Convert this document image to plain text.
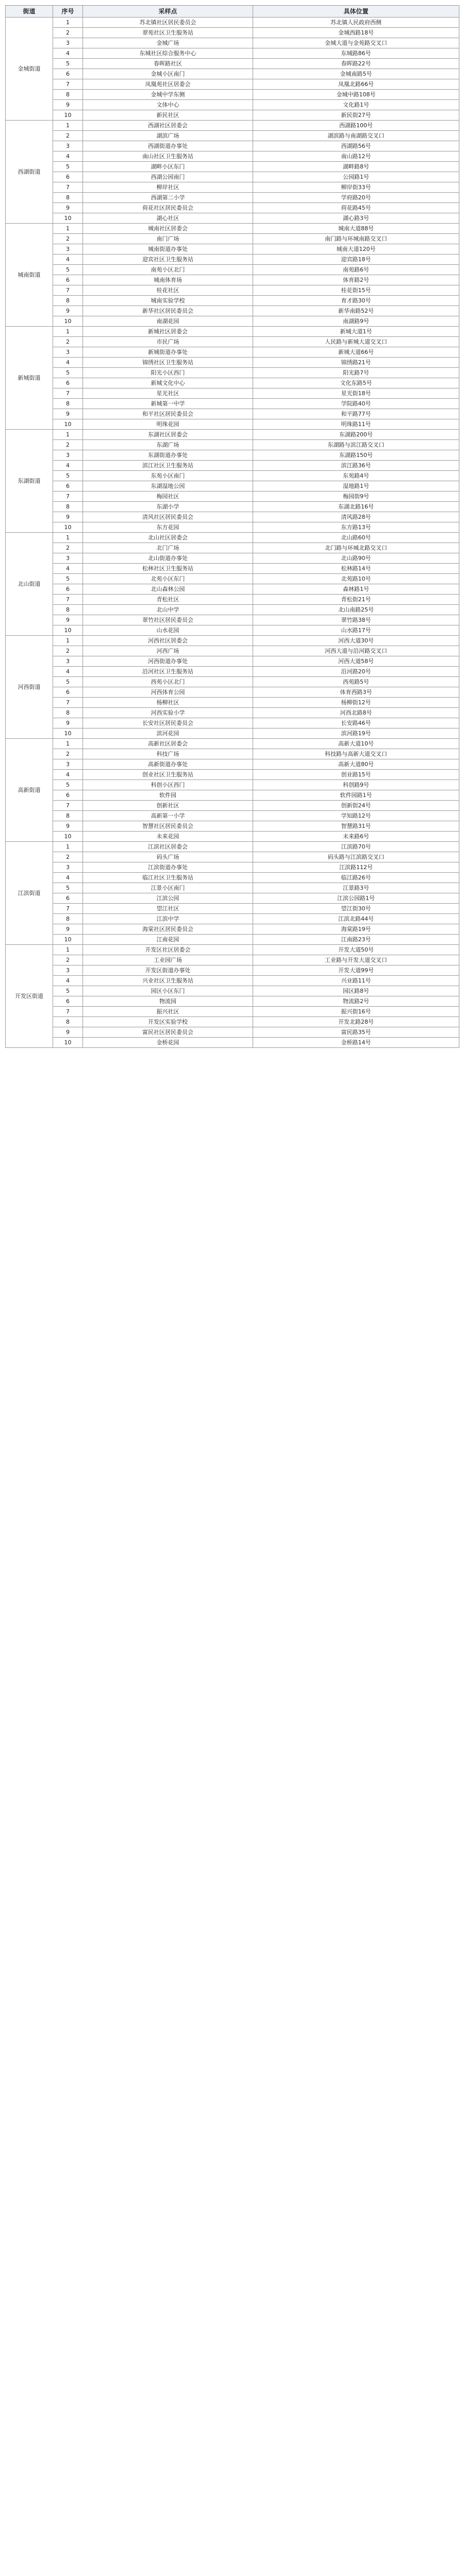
街道	序号	采样点	具体位置
金城街道	1	苏北镇社区居民委员会	苏北镇人民政府西侧
	2	翠苑社区卫生服务站	金城西路18号
	3	金城广场	金城大道与金苑路交叉口
	4	东城社区综合服务中心	东城路86号
	5	春晖路社区	春晖路22号
	6	金城小区南门	金城南路5号
	7	凤凰苑社区居委会	凤凰北路66号
	8	金城中学东侧	金城中路108号
	9	文体中心	文化路1号
	10	新民社区	新民街27号
西湖街道	1	西湖社区居委会	西湖路100号
	2	湖滨广场	湖滨路与南湖路交叉口
	3	西湖街道办事处	西湖路56号
	4	南山社区卫生服务站	南山路12号
	5	湖畔小区东门	湖畔路8号
	6	西湖公园南门	公园路1号
	7	柳岸社区	柳岸街33号
	8	西湖第二小学	学府路20号
	9	荷花社区居民委员会	荷花路45号
	10	湖心社区	湖心路3号
城南街道	1	城南社区居委会	城南大道88号
	2	南门广场	南门路与环城南路交叉口
	3	城南街道办事处	城南大道120号
	4	迎宾社区卫生服务站	迎宾路18号
	5	南苑小区北门	南苑路6号
	6	城南体育场	体育路2号
	7	桂花社区	桂花街15号
	8	城南实验学校	育才路30号
	9	新华社区居民委员会	新华南路52号
	10	南湖花园	南湖路9号
新城街道	1	新城社区居委会	新城大道1号
	2	市民广场	人民路与新城大道交叉口
	3	新城街道办事处	新城大道66号
	4	锦绣社区卫生服务站	锦绣路21号
	5	阳光小区西门	阳光路7号
	6	新城文化中心	文化东路5号
	7	星光社区	星光街18号
	8	新城第一中学	学院路40号
	9	和平社区居民委员会	和平路77号
	10	明珠花园	明珠路11号
东湖街道	1	东湖社区居委会	东湖路200号
	2	东湖广场	东湖路与滨江路交叉口
	3	东湖街道办事处	东湖路150号
	4	滨江社区卫生服务站	滨江路36号
	5	东苑小区南门	东苑路4号
	6	东湖湿地公园	湿地路1号
	7	梅园社区	梅园街9号
	8	东湖小学	东湖北路16号
	9	清风社区居民委员会	清风路28号
	10	东方花园	东方路13号
北山街道	1	北山社区居委会	北山路60号
	2	北门广场	北门路与环城北路交叉口
	3	北山街道办事处	北山路90号
	4	松林社区卫生服务站	松林路14号
	5	北苑小区东门	北苑路10号
	6	北山森林公园	森林路1号
	7	青松社区	青松街21号
	8	北山中学	北山南路25号
	9	翠竹社区居民委员会	翠竹路38号
	10	山水花园	山水路17号
河西街道	1	河西社区居委会	河西大道30号
	2	河西广场	河西大道与沿河路交叉口
	3	河西街道办事处	河西大道58号
	4	沿河社区卫生服务站	沿河路20号
	5	西苑小区北门	西苑路5号
	6	河西体育公园	体育西路3号
	7	杨柳社区	杨柳街12号
	8	河西实验小学	河西北路8号
	9	长安社区居民委员会	长安路46号
	10	滨河花园	滨河路19号
高新街道	1	高新社区居委会	高新大道10号
	2	科技广场	科技路与高新大道交叉口
	3	高新街道办事处	高新大道80号
	4	创业社区卫生服务站	创业路15号
	5	科创小区西门	科创路9号
	6	软件园	软件园路1号
	7	创新社区	创新街24号
	8	高新第一小学	学知路12号
	9	智慧社区居民委员会	智慧路31号
	10	未来花园	未来路6号
江滨街道	1	江滨社区居委会	江滨路70号
	2	码头广场	码头路与江滨路交叉口
	3	江滨街道办事处	江滨路112号
	4	临江社区卫生服务站	临江路26号
	5	江景小区南门	江景路3号
	6	江滨公园	江滨公园路1号
	7	望江社区	望江街30号
	8	江滨中学	江滨北路44号
	9	海棠社区居民委员会	海棠路19号
	10	江南花园	江南路23号
开发区街道	1	开发区社区居委会	开发大道50号
	2	工业园广场	工业路与开发大道交叉口
	3	开发区街道办事处	开发大道99号
	4	兴业社区卫生服务站	兴业路11号
	5	园区小区东门	园区路8号
	6	物流园	物流路2号
	7	振兴社区	振兴街16号
	8	开发区实验学校	开发北路28号
	9	富民社区居民委员会	富民路35号
	10	金桥花园	金桥路14号
